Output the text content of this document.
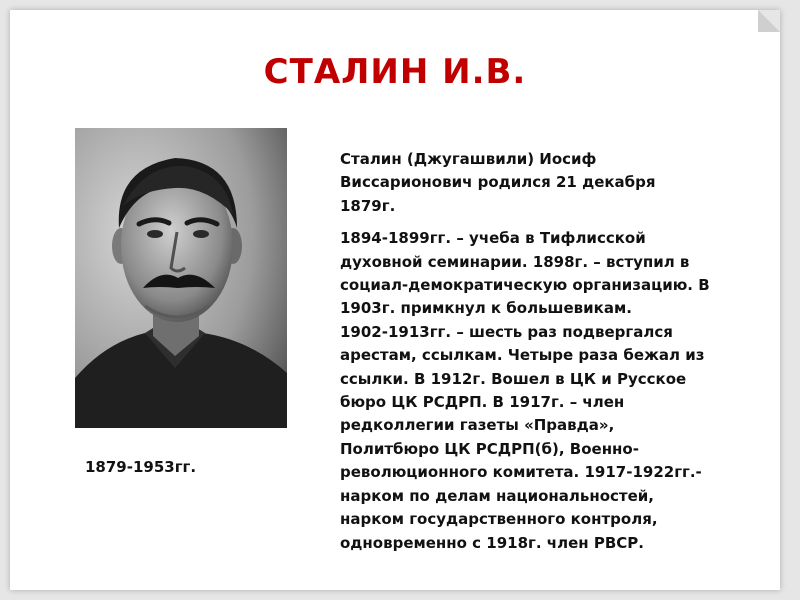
СТАЛИН И.В.

1879-1953гг.

Сталин (Джугашвили) Иосиф
Виссарионович родился 21 декабря
1879г.

1894-1899гг. – учеба в Тифлисской
духовной семинарии. 1898г. – вступил в
социал-демократическую организацию. В
1903г. примкнул к большевикам.
1902-1913гг. – шесть раз подвергался
арестам, ссылкам. Четыре раза бежал из
ссылки. В 1912г. Вошел в ЦК и Русское
бюро ЦК РСДРП. В 1917г. – член
редколлегии газеты «Правда»,
Политбюро ЦК РСДРП(б), Военно-
революционного комитета. 1917-1922гг.-
нарком по делам национальностей,
нарком государственного контроля,
одновременно с 1918г. член РВСР.
